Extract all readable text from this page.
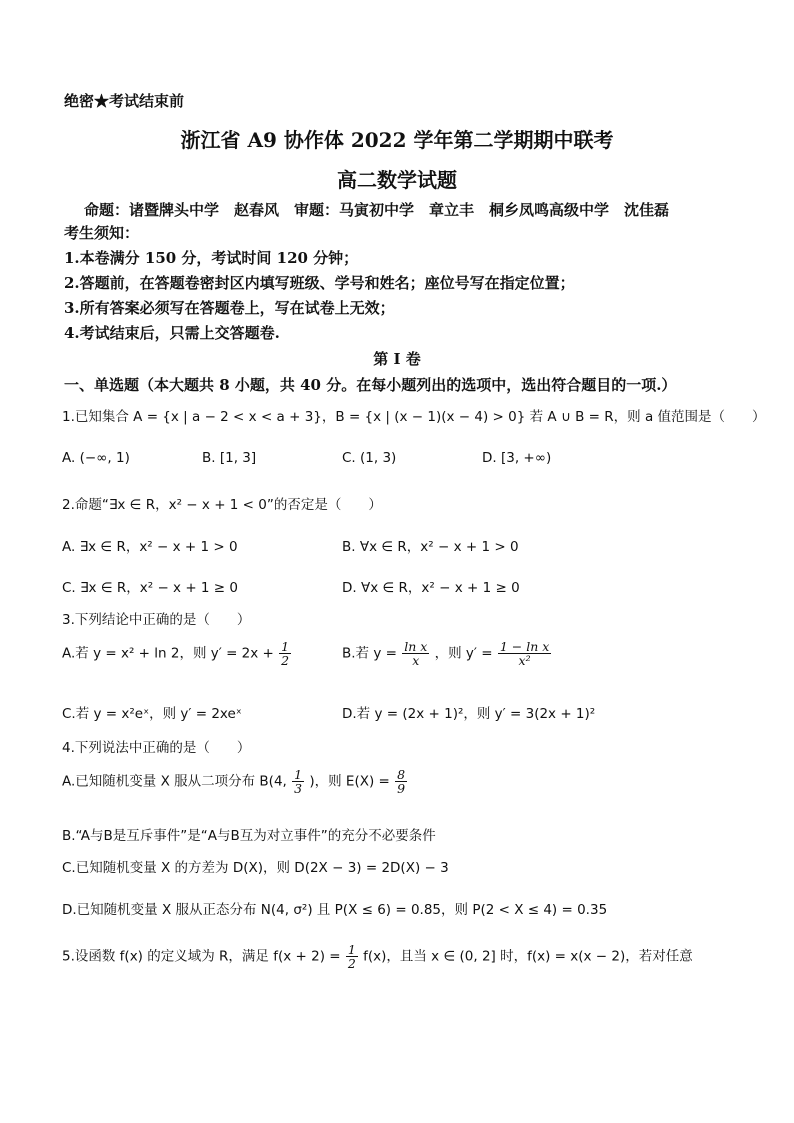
绝密★考试结束前
浙江省 A9 协作体 2022 学年第二学期期中联考
高二数学试题
命题：诸暨牌头中学　赵春风　审题：马寅初中学　章立丰　桐乡凤鸣高级中学　沈佳磊
考生须知：
1.本卷满分 150 分，考试时间 120 分钟；
2.答题前，在答题卷密封区内填写班级、学号和姓名；座位号写在指定位置；
3.所有答案必须写在答题卷上，写在试卷上无效；
4.考试结束后，只需上交答题卷.
第 I 卷
一、单选题（本大题共 8 小题，共 40 分。在每小题列出的选项中，选出符合题目的一项.）
1.已知集合 A = {x | a − 2 < x < a + 3}，B = {x | (x − 1)(x − 4) > 0} 若 A ∪ B = R，则 a 值范围是（　　）
A. (−∞, 1)	B. [1, 3]	C. (1, 3)	D. [3, +∞)
2.命题“∃x ∈ R，x² − x + 1 < 0”的否定是（　　）
A. ∃x ∈ R，x² − x + 1 > 0	B. ∀x ∈ R，x² − x + 1 > 0
C. ∃x ∈ R，x² − x + 1 ≥ 0	D. ∀x ∈ R，x² − x + 1 ≥ 0
3.下列结论中正确的是（　　）
A.若 y = x² + ln 2，则 $y' = 2x + \frac{1}{2}$	B.若 $y = \frac{\text{ln x}}{x}$ ，则 $y' = \frac{\text{1 − ln x}}{\text{x²}}$
C.若 y = x²eˣ，则 y′ = 2xeˣ	D.若 y = (2x + 1)²，则 y′ = 3(2x + 1)²
4.下列说法中正确的是（　　）
A.已知随机变量 X 服从二项分布 B(4, $\frac{1}{3}$ )，则 $E(X) = \frac{8}{9}$
B.“A与B是互斥事件”是“A与B互为对立事件”的充分不必要条件
C.已知随机变量 X 的方差为 D(X)，则 D(2X − 3) = 2D(X) − 3
D.已知随机变量 X 服从正态分布 N(4, σ²) 且 P(X ≤ 6) = 0.85，则 P(2 < X ≤ 4) = 0.35
5.设函数 f(x) 的定义域为 R，满足 $f(x + 2) = \frac{1}{2} f(x)$，且当 x ∈ (0, 2] 时，f(x) = x(x − 2)，若对任意
